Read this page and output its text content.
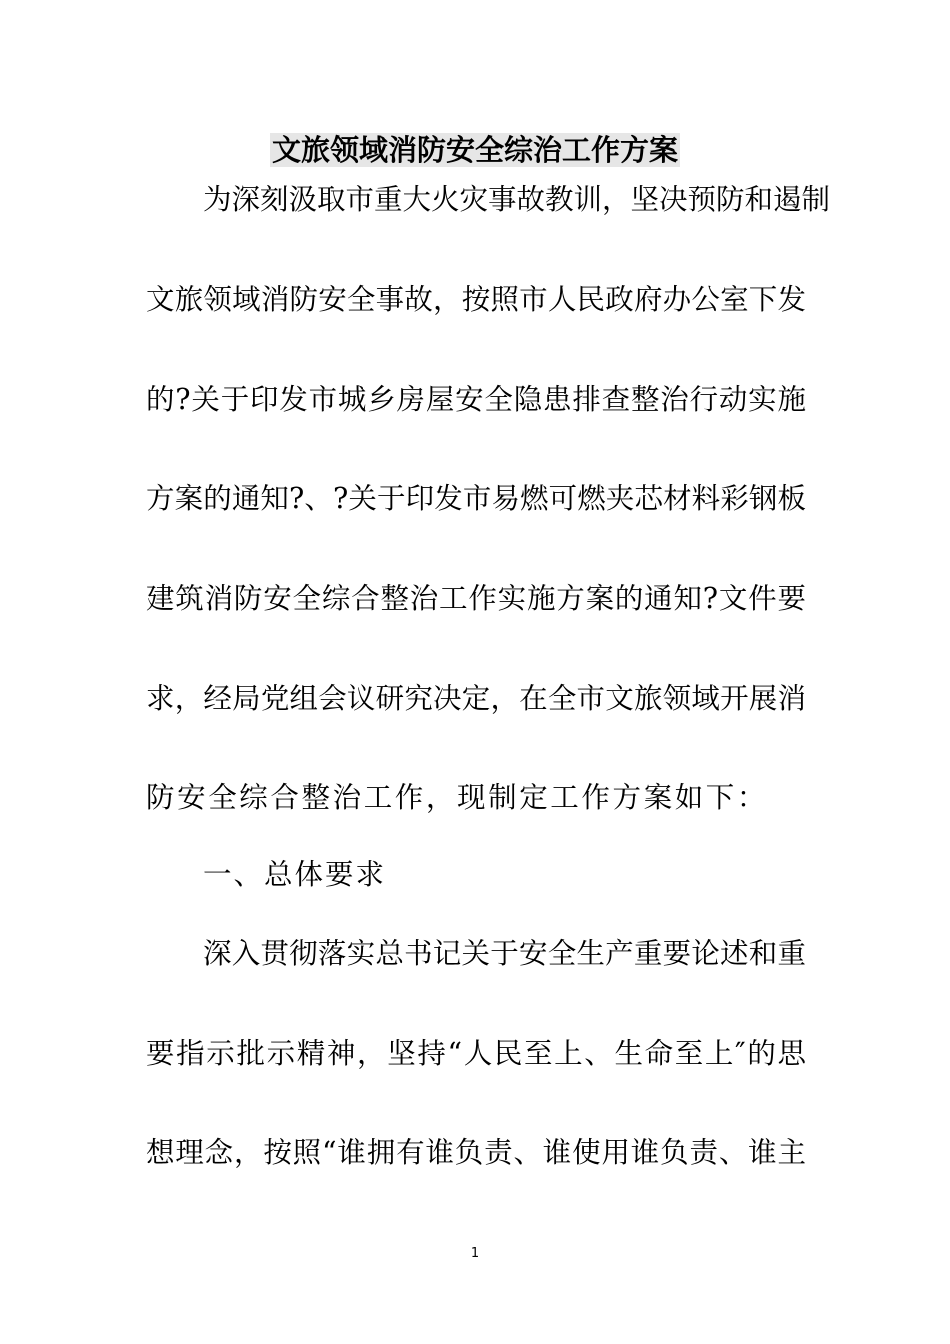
文旅领域消防安全综治工作方案
为深刻汲取市重大火灾事故教训，坚决预防和遏制
文旅领域消防安全事故，按照市人民政府办公室下发
的?关于印发市城乡房屋安全隐患排查整治行动实施
方案的通知?、?关于印发市易燃可燃夹芯材料彩钢板
建筑消防安全综合整治工作实施方案的通知?文件要
求，经局党组会议研究决定，在全市文旅领域开展消
防安全综合整治工作，现制定工作方案如下：
一、总体要求
深入贯彻落实总书记关于安全生产重要论述和重
要指示批示精神，坚持“人民至上、生命至上″的思
想理念，按照“谁拥有谁负责、谁使用谁负责、谁主
1
